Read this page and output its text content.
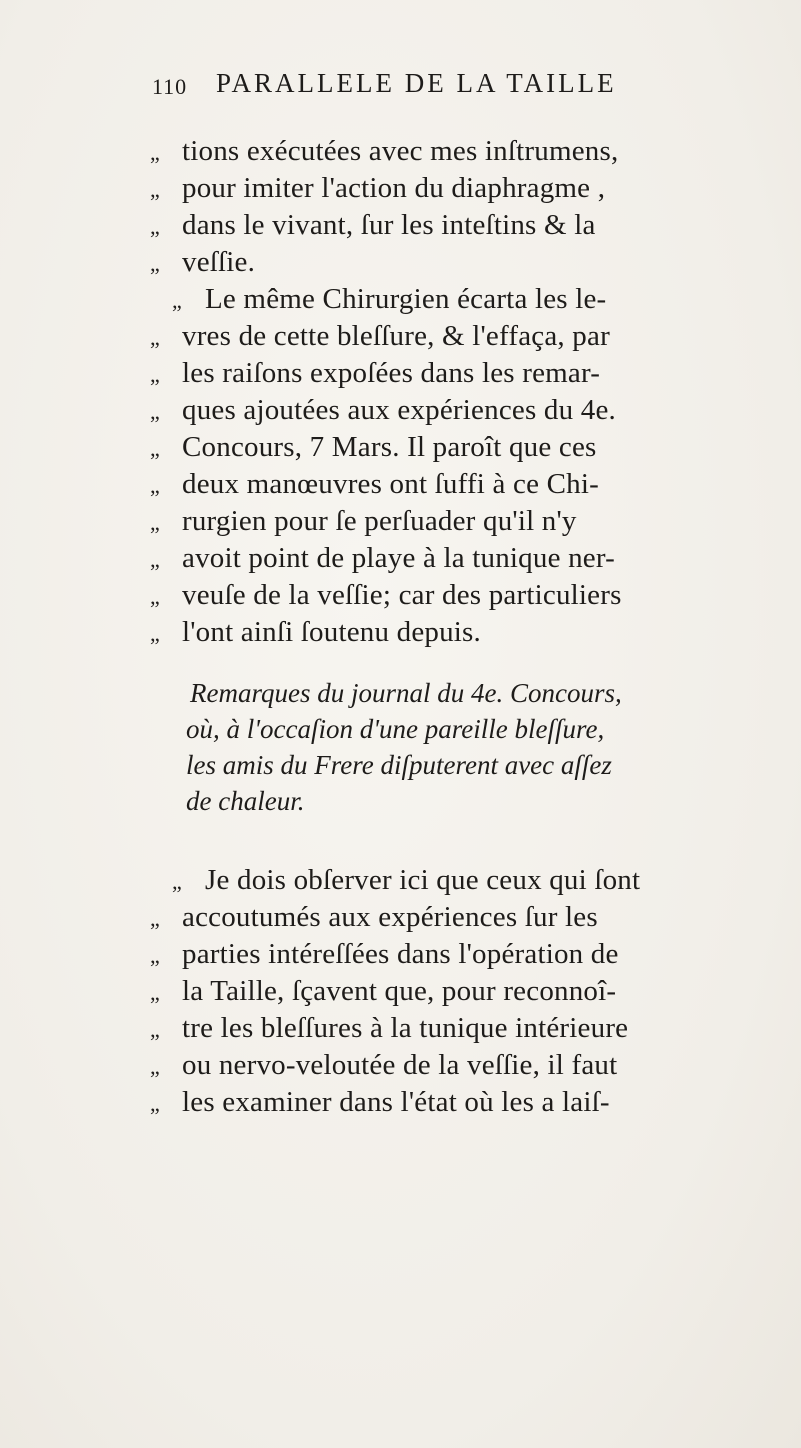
110 PARALLELE DE LA TAILLE
„ tions exécutées avec mes inſtrumens,
„ pour imiter l'action du diaphragme ,
„ dans le vivant, ſur les inteſtins & la
„ veſſie.
„ Le même Chirurgien écarta les le-
„ vres de cette bleſſure, & l'effaça, par
„ les raiſons expoſées dans les remar-
„ ques ajoutées aux expériences du 4e.
„ Concours, 7 Mars. Il paroît que ces
„ deux manœuvres ont ſuffi à ce Chi-
„ rurgien pour ſe perſuader qu'il n'y
„ avoit point de playe à la tunique ner-
„ veuſe de la veſſie; car des particuliers
„ l'ont ainſi ſoutenu depuis.
Remarques du journal du 4e. Concours,
où, à l'occaſion d'une pareille bleſſure,
les amis du Frere diſputerent avec aſſez
de chaleur.
„ Je dois obſerver ici que ceux qui ſont
„ accoutumés aux expériences ſur les
„ parties intéreſſées dans l'opération de
„ la Taille, ſçavent que, pour reconnoî-
„ tre les bleſſures à la tunique intérieure
„ ou nervo-veloutée de la veſſie, il faut
„ les examiner dans l'état où les a laiſ-
